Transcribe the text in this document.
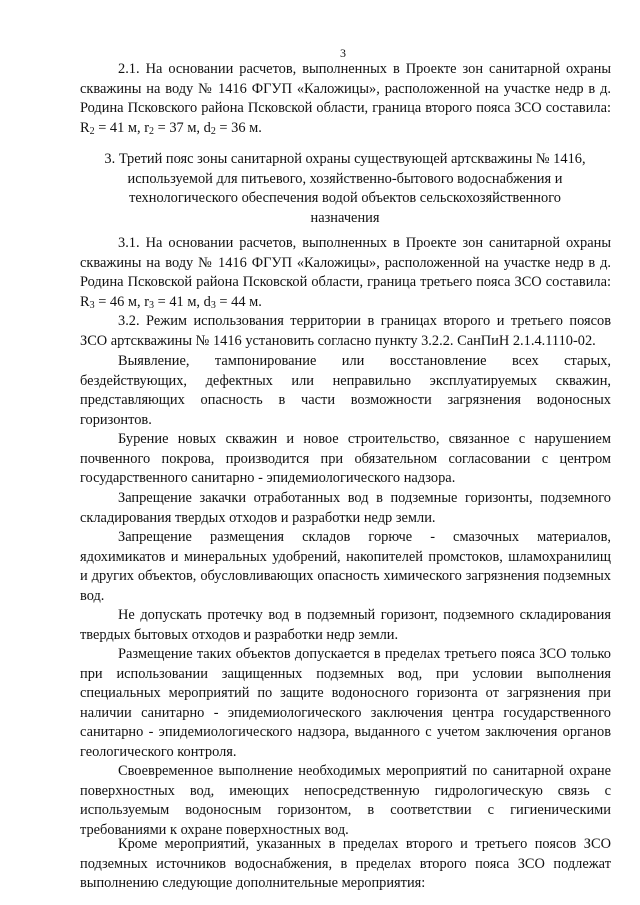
3

2.1. На основании расчетов, выполненных в Проекте зон санитарной охраны скважины на воду № 1416 ФГУП «Каложицы», расположенной на участке недр в д. Родина Псковского района Псковской области, граница второго пояса ЗСО составила: $R_2 = 41$ м, $r_2 = 37$ м, $d_2 = 36$ м.

3. Третий пояс зоны санитарной охраны существующей артскважины № 1416, используемой для питьевого, хозяйственно-бытового водоснабжения и технологического обеспечения водой объектов сельскохозяйственного назначения

3.1. На основании расчетов, выполненных в Проекте зон санитарной охраны скважины на воду № 1416 ФГУП «Каложицы», расположенной на участке недр в д. Родина Псковской района Псковской области, граница третьего пояса ЗСО составила: $R_3 = 46$ м, $r_3 = 41$ м, $d_3 = 44$ м.

3.2. Режим использования территории в границах второго и третьего поясов ЗСО артскважины № 1416 установить согласно пункту 3.2.2. СанПиН 2.1.4.1110-02.

Выявление, тампонирование или восстановление всех старых, бездействующих, дефектных или неправильно эксплуатируемых скважин, представляющих опасность в части возможности загрязнения водоносных горизонтов.

Бурение новых скважин и новое строительство, связанное с нарушением почвенного покрова, производится при обязательном согласовании с центром государственного санитарно - эпидемиологического надзора.

Запрещение закачки отработанных вод в подземные горизонты, подземного складирования твердых отходов и разработки недр земли.

Запрещение размещения складов горюче - смазочных материалов, ядохимикатов и минеральных удобрений, накопителей промстоков, шламохранилищ и других объектов, обусловливающих опасность химического загрязнения подземных вод.

Не допускать протечку вод в подземный горизонт, подземного складирования твердых бытовых отходов и разработки недр земли.

Размещение таких объектов допускается в пределах третьего пояса ЗСО только при использовании защищенных подземных вод, при условии выполнения специальных мероприятий по защите водоносного горизонта от загрязнения при наличии санитарно - эпидемиологического заключения центра государственного санитарно - эпидемиологического надзора, выданного с учетом заключения органов геологического контроля.

Своевременное выполнение необходимых мероприятий по санитарной охране поверхностных вод, имеющих непосредственную гидрологическую связь с используемым водоносным горизонтом, в соответствии с гигиеническими требованиями к охране поверхностных вод.

Кроме мероприятий, указанных в пределах второго и третьего поясов ЗСО подземных источников водоснабжения, в пределах второго пояса ЗСО подлежат выполнению следующие дополнительные мероприятия:
